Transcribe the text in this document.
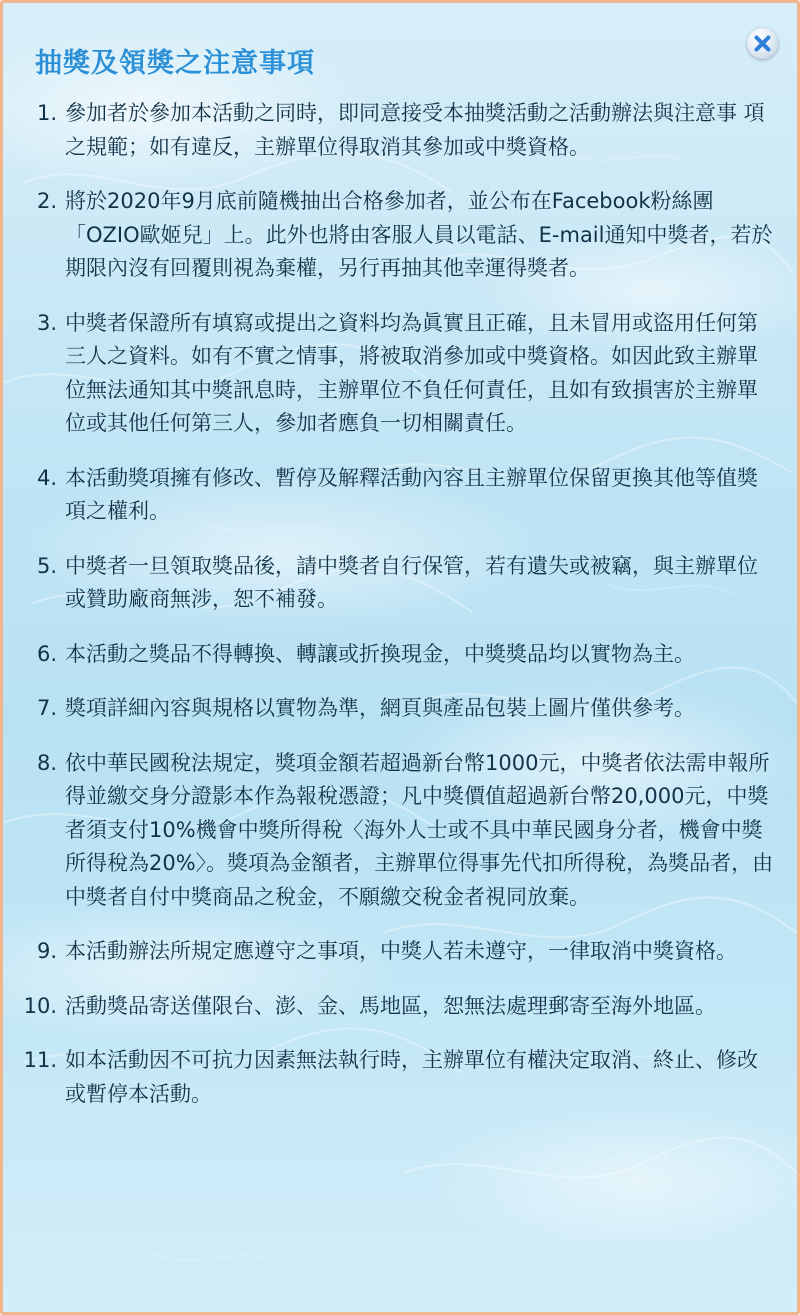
抽獎及領獎之注意事項
1. 參加者於參加本活動之同時，即同意接受本抽獎活動之活動辦法與注意事 項之規範；如有違反，主辦單位得取消其參加或中獎資格。
2. 將於2020年9月底前隨機抽出合格參加者，並公布在Facebook粉絲團「OZIO歐姬兒」上。此外也將由客服人員以電話、E-mail通知中獎者，若於期限內沒有回覆則視為棄權，另行再抽其他幸運得獎者。
3. 中獎者保證所有填寫或提出之資料均為眞實且正確，且未冒用或盜用任何第三人之資料。如有不實之情事，將被取消參加或中獎資格。如因此致主辦單位無法通知其中獎訊息時，主辦單位不負任何責任，且如有致損害於主辦單位或其他任何第三人，參加者應負一切相關責任。
4. 本活動獎項擁有修改、暫停及解釋活動內容且主辦單位保留更換其他等值獎項之權利。
5. 中獎者一旦領取獎品後，請中獎者自行保管，若有遺失或被竊，與主辦單位或贊助廠商無涉，恕不補發。
6. 本活動之獎品不得轉換、轉讓或折換現金，中獎獎品均以實物為主。
7. 獎項詳細內容與規格以實物為準，網頁與產品包裝上圖片僅供參考。
8. 依中華民國稅法規定，獎項金額若超過新台幣1000元，中獎者依法需申報所得並繳交身分證影本作為報稅憑證；凡中獎價值超過新台幣20,000元，中獎者須支付10%機會中獎所得稅〈海外人士或不具中華民國身分者，機會中獎所得稅為20%〉。獎項為金額者，主辦單位得事先代扣所得稅，為獎品者，由中獎者自付中獎商品之稅金，不願繳交稅金者視同放棄。
9. 本活動辦法所規定應遵守之事項，中獎人若未遵守，一律取消中獎資格。
10. 活動獎品寄送僅限台、澎、金、馬地區，恕無法處理郵寄至海外地區。
11. 如本活動因不可抗力因素無法執行時，主辦單位有權決定取消、終止、修改或暫停本活動。
